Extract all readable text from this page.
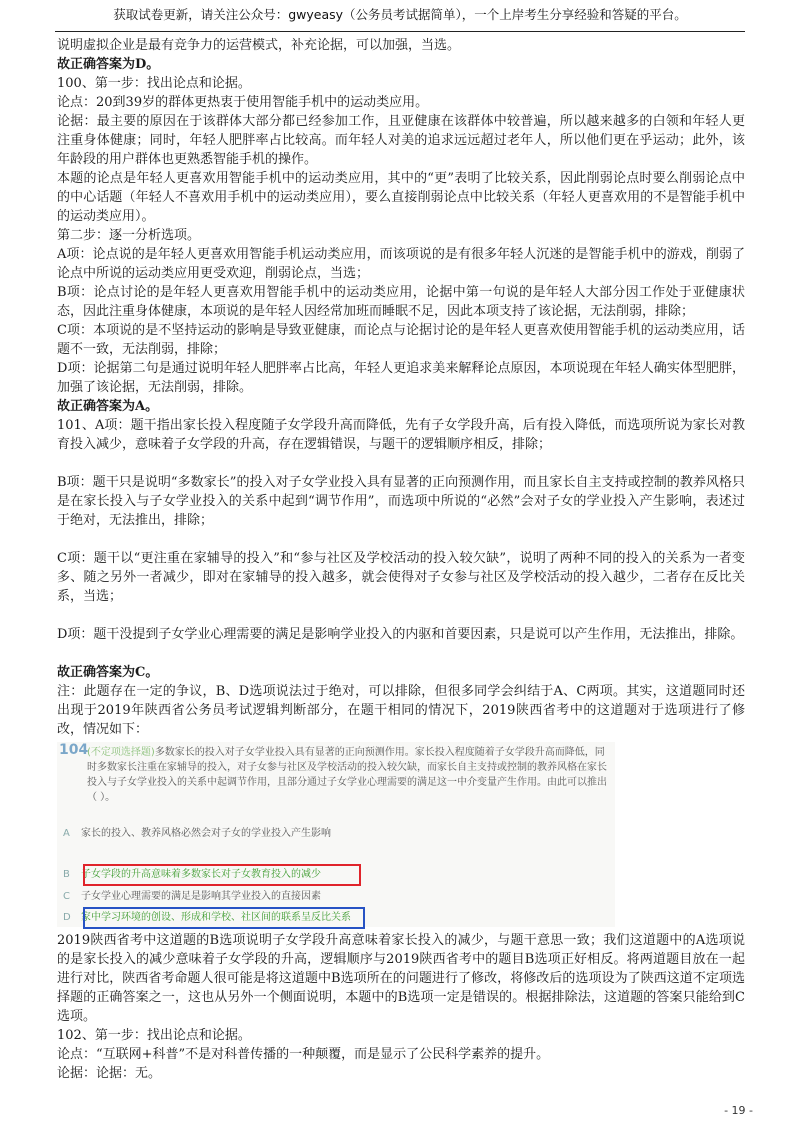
获取试卷更新，请关注公众号：gwyeasy（公务员考试据简单），一个上岸考生分享经验和答疑的平台。

说明虚拟企业是最有竞争力的运营模式，补充论据，可以加强，当选。

故正确答案为D。

100、第一步：找出论点和论据。

论点：20到39岁的群体更热衷于使用智能手机中的运动类应用。

论据：最主要的原因在于该群体大部分都已经参加工作，且亚健康在该群体中较普遍，所以越来越多的白领和年轻人更注重身体健康；同时，年轻人肥胖率占比较高。而年轻人对美的追求远远超过老年人，所以他们更在乎运动；此外，该年龄段的用户群体也更熟悉智能手机的操作。

本题的论点是年轻人更喜欢用智能手机中的运动类应用，其中的“更”表明了比较关系，因此削弱论点时要么削弱论点中的中心话题（年轻人不喜欢用手机中的运动类应用），要么直接削弱论点中比较关系（年轻人更喜欢用的不是智能手机中的运动类应用）。

第二步：逐一分析选项。

A项：论点说的是年轻人更喜欢用智能手机运动类应用，而该项说的是有很多年轻人沉迷的是智能手机中的游戏，削弱了论点中所说的运动类应用更受欢迎，削弱论点，当选；

B项：论点讨论的是年轻人更喜欢用智能手机中的运动类应用，论据中第一句说的是年轻人大部分因工作处于亚健康状态，因此注重身体健康，本项说的是年轻人因经常加班而睡眠不足，因此本项支持了该论据，无法削弱，排除；

C项：本项说的是不坚持运动的影响是导致亚健康，而论点与论据讨论的是年轻人更喜欢使用智能手机的运动类应用，话题不一致，无法削弱，排除；

D项：论据第二句是通过说明年轻人肥胖率占比高，年轻人更追求美来解释论点原因，本项说现在年轻人确实体型肥胖，加强了该论据，无法削弱，排除。

故正确答案为A。

101、A项：题干指出家长投入程度随子女学段升高而降低，先有子女学段升高，后有投入降低，而选项所说为家长对教育投入减少，意味着子女学段的升高，存在逻辑错误，与题干的逻辑顺序相反，排除；

B项：题干只是说明“多数家长”的投入对子女学业投入具有显著的正向预测作用，而且家长自主支持或控制的教养风格只是在家长投入与子女学业投入的关系中起到“调节作用”，而选项中所说的“必然”会对子女的学业投入产生影响，表述过于绝对，无法推出，排除；

C项：题干以“更注重在家辅导的投入”和“参与社区及学校活动的投入较欠缺”，说明了两种不同的投入的关系为一者变多、随之另外一者减少，即对在家辅导的投入越多，就会使得对子女参与社区及学校活动的投入越少，二者存在反比关系，当选；

D项：题干没提到子女学业心理需要的满足是影响学业投入的内驱和首要因素，只是说可以产生作用，无法推出，排除。

故正确答案为C。

注：此题存在一定的争议，B、D选项说法过于绝对，可以排除，但很多同学会纠结于A、C两项。其实，这道题同时还出现于2019年陕西省公务员考试逻辑判断部分，在题干相同的情况下，2019陕西省考中的这道题对于选项进行了修改，情况如下：

104
(不定项选择题)多数家长的投入对子女学业投入具有显著的正向预测作用。家长投入程度随着子女学段升高而降低，同时多数家长注重在家辅导的投入，对子女参与社区及学校活动的投入较欠缺，而家长自主支持或控制的教养风格在家长投入与子女学业投入的关系中起调节作用，且部分通过子女学业心理需要的满足这一中介变量产生作用。由此可以推出（ ）。
A	家长的投入、教养风格必然会对子女的学业投入产生影响
B	子女学段的升高意味着多数家长对子女教育投入的减少
C	子女学业心理需要的满足是影响其学业投入的直接因素
D	家中学习环境的创设、形成和学校、社区间的联系呈反比关系

2019陕西省考中这道题的B选项说明子女学段升高意味着家长投入的减少，与题干意思一致；我们这道题中的A选项说的是家长投入的减少意味着子女学段的升高，逻辑顺序与2019陕西省考中的题目B选项正好相反。将两道题目放在一起进行对比，陕西省考命题人很可能是将这道题中B选项所在的问题进行了修改，将修改后的选项设为了陕西这道不定项选择题的正确答案之一，这也从另外一个侧面说明，本题中的B选项一定是错误的。根据排除法，这道题的答案只能给到C选项。

102、第一步：找出论点和论据。

论点：“互联网+科普”不是对科普传播的一种颠覆，而是显示了公民科学素养的提升。

论据：论据：无。

- 19 -
